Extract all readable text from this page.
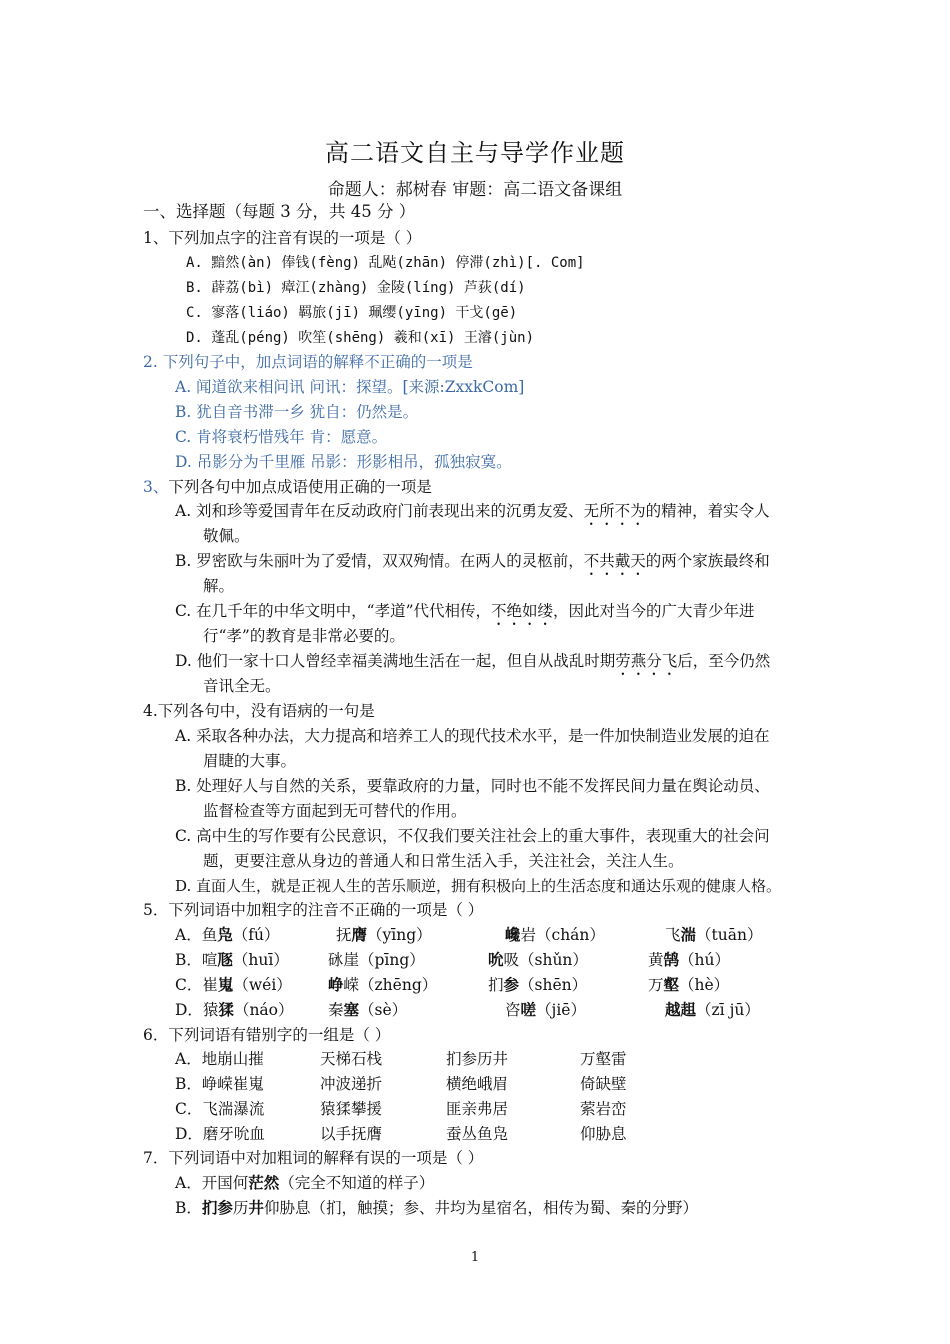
高二语文自主与导学作业题
命题人：郝树春 审题：高二语文备课组
一、选择题（每题 3 分，共 45 分 ）
1、下列加点字的注音有误的一项是（ ）
A. 黯然(àn) 俸钱(fèng) 乱飐(zhān) 停滞(zhì)[. Com]
B. 薜荔(bì) 瘴江(zhàng) 金陵(líng) 芦荻(dí)
C. 寥落(liáo) 羁旅(jī) 珮缨(yīng) 干戈(gē)
D. 蓬乱(péng) 吹笙(shēng) 羲和(xī) 王濬(jùn)
2. 下列句子中，加点词语的解释不正确的一项是
A. 闻道欲来相问讯 问讯：探望。[来源:ZxxkCom]
B. 犹自音书滞一乡 犹自：仍然是。
C. 肯将衰朽惜残年 肯：愿意。
D. 吊影分为千里雁 吊影：形影相吊，孤独寂寞。
3、下列各句中加点成语使用正确的一项是
A. 刘和珍等爱国青年在反动政府门前表现出来的沉勇友爱、无所不为的精神，着实令人
敬佩。
B. 罗密欧与朱丽叶为了爱情，双双殉情。在两人的灵柩前，不共戴天的两个家族最终和
解。
C. 在几千年的中华文明中，“孝道”代代相传，不绝如缕，因此对当今的广大青少年进
行“孝”的教育是非常必要的。
D. 他们一家十口人曾经幸福美满地生活在一起，但自从战乱时期劳燕分飞后，至今仍然
音讯全无。
4.下列各句中，没有语病的一句是
A. 采取各种办法，大力提高和培养工人的现代技术水平，是一件加快制造业发展的迫在
眉睫的大事。
B. 处理好人与自然的关系，要靠政府的力量，同时也不能不发挥民间力量在舆论动员、
监督检查等方面起到无可替代的作用。
C. 高中生的写作要有公民意识，不仅我们要关注社会上的重大事件，表现重大的社会问
题，更要注意从身边的普通人和日常生活入手，关注社会，关注人生。
D. 直面人生，就是正视人生的苦乐顺逆，拥有积极向上的生活态度和通达乐观的健康人格。
5．下列词语中加粗字的注音不正确的一项是（ ）
A．鱼凫（fú）	抚膺（yīng）	巉岩（chán）	飞湍（tuān）
B．喧豗（huī）	砯崖（pīng）	吮吸（shǔn）	黄鹄（hú）
C．崔嵬（wéi） 峥嵘（zhēng）	扪参（shēn）	万壑（hè）
D．猿猱（náo） 秦塞（sè）	咨嗟（jiē）	越趄（zī jū）
6．下列词语有错别字的一组是（ ）
A．地崩山摧	天梯石栈	扪参历井	万壑雷
B．峥嵘崔嵬	冲波递折	横绝峨眉	倚缺壁
C．飞湍瀑流	猿猱攀援	匪亲弗居	萦岩峦
D．磨牙吮血	以手抚膺	蚕丛鱼凫	仰胁息
7．下列词语中对加粗词的解释有误的一项是（ ）
A．开国何茫然（完全不知道的样子）
B．扪参历井仰胁息（扪，触摸；参、井均为星宿名，相传为蜀、秦的分野）
1
